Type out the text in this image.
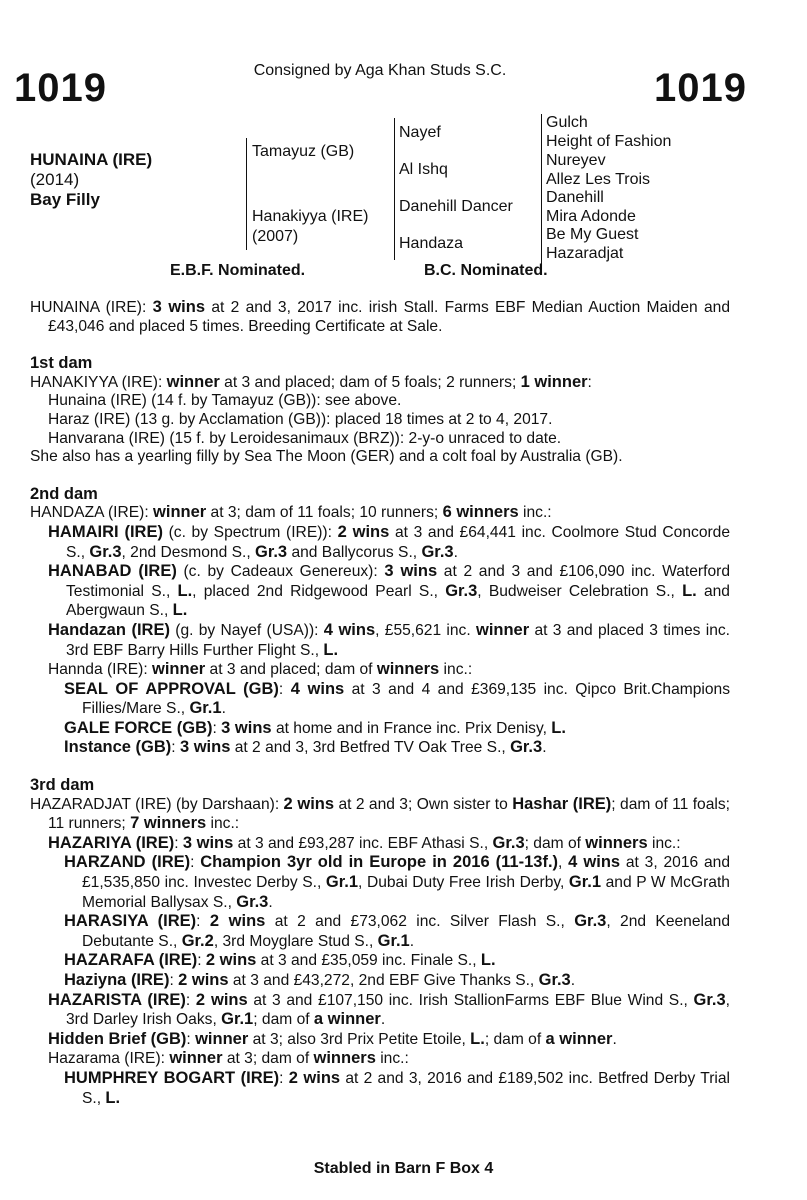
1019	Consigned by Aga Khan Studs S.C.	1019
HUNAINA (IRE)
(2014)
Bay Filly
Tamayuz (GB)
Hanakiyya (IRE)
(2007)
Nayef
Al Ishq
Danehill Dancer
Handaza
Gulch
Height of Fashion
Nureyev
Allez Les Trois
Danehill
Mira Adonde
Be My Guest
Hazaradjat
E.B.F. Nominated.	B.C. Nominated.

HUNAINA (IRE): 3 wins at 2 and 3, 2017 inc. irish Stall. Farms EBF Median Auction Maiden and £43,046 and placed 5 times. Breeding Certificate at Sale.

1st dam

HANAKIYYA (IRE): winner at 3 and placed; dam of 5 foals; 2 runners; 1 winner:

Hunaina (IRE) (14 f. by Tamayuz (GB)): see above.

Haraz (IRE) (13 g. by Acclamation (GB)): placed 18 times at 2 to 4, 2017.

Hanvarana (IRE) (15 f. by Leroidesanimaux (BRZ)): 2-y-o unraced to date.

She also has a yearling filly by Sea The Moon (GER) and a colt foal by Australia (GB).

2nd dam

HANDAZA (IRE): winner at 3; dam of 11 foals; 10 runners; 6 winners inc.:

HAMAIRI (IRE) (c. by Spectrum (IRE)): 2 wins at 3 and £64,441 inc. Coolmore Stud Concorde S., Gr.3, 2nd Desmond S., Gr.3 and Ballycorus S., Gr.3.

HANABAD (IRE) (c. by Cadeaux Genereux): 3 wins at 2 and 3 and £106,090 inc. Waterford Testimonial S., L., placed 2nd Ridgewood Pearl S., Gr.3, Budweiser Celebration S., L. and Abergwaun S., L.

Handazan (IRE) (g. by Nayef (USA)): 4 wins, £55,621 inc. winner at 3 and placed 3 times inc. 3rd EBF Barry Hills Further Flight S., L.

Hannda (IRE): winner at 3 and placed; dam of winners inc.:

SEAL OF APPROVAL (GB): 4 wins at 3 and 4 and £369,135 inc. Qipco Brit.Champions Fillies/Mare S., Gr.1.

GALE FORCE (GB): 3 wins at home and in France inc. Prix Denisy, L.

Instance (GB): 3 wins at 2 and 3, 3rd Betfred TV Oak Tree S., Gr.3.

3rd dam

HAZARADJAT (IRE) (by Darshaan): 2 wins at 2 and 3; Own sister to Hashar (IRE); dam of 11 foals; 11 runners; 7 winners inc.:

HAZARIYA (IRE): 3 wins at 3 and £93,287 inc. EBF Athasi S., Gr.3; dam of winners inc.:

HARZAND (IRE): Champion 3yr old in Europe in 2016 (11-13f.), 4 wins at 3, 2016 and £1,535,850 inc. Investec Derby S., Gr.1, Dubai Duty Free Irish Derby, Gr.1 and P W McGrath Memorial Ballysax S., Gr.3.

HARASIYA (IRE): 2 wins at 2 and £73,062 inc. Silver Flash S., Gr.3, 2nd Keeneland Debutante S., Gr.2, 3rd Moyglare Stud S., Gr.1.

HAZARAFA (IRE): 2 wins at 3 and £35,059 inc. Finale S., L.

Haziyna (IRE): 2 wins at 3 and £43,272, 2nd EBF Give Thanks S., Gr.3.

HAZARISTA (IRE): 2 wins at 3 and £107,150 inc. Irish StallionFarms EBF Blue Wind S., Gr.3, 3rd Darley Irish Oaks, Gr.1; dam of a winner.

Hidden Brief (GB): winner at 3; also 3rd Prix Petite Etoile, L.; dam of a winner.

Hazarama (IRE): winner at 3; dam of winners inc.:

HUMPHREY BOGART (IRE): 2 wins at 2 and 3, 2016 and £189,502 inc. Betfred Derby Trial S., L.

Stabled in Barn F Box 4
